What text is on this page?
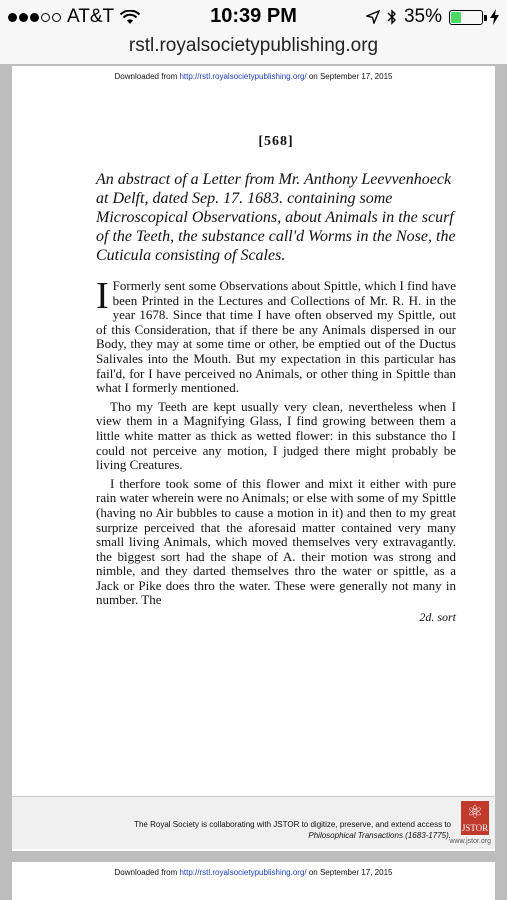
AT&T	10:39 PM	35%
rstl.royalsocietypublishing.org
Downloaded from http://rstl.royalsocietypublishing.org/ on September 17, 2015
[568]
An abstract of a Letter from Mr. Anthony Leevvenhoeck at Delft, dated Sep. 17. 1683. containing some Microscopical Observations, about Animals in the scurf of the Teeth, the substance call'd Worms in the Nose, the Cuticula consisting of Scales.

I Formerly sent some Observations about Spittle, which I find have been Printed in the Lectures and Collections of Mr. R. H. in the year 1678. Since that time I have often observed my Spittle, out of this Consideration, that if there be any Animals dispersed in our Body, they may at some time or other, be emptied out of the Ductus Salivales into the Mouth. But my expectation in this particular has fail'd, for I have perceived no Animals, or other thing in Spittle than what I formerly mentioned.

Tho my Teeth are kept usually very clean, nevertheless when I view them in a Magnifying Glass, I find growing between them a little white matter as thick as wetted flower: in this substance tho I could not perceive any motion, I judged there might probably be living Creatures.

I therfore took some of this flower and mixt it either with pure rain water wherein were no Animals; or else with some of my Spittle (having no Air bubbles to cause a motion in it) and then to my great surprize perceived that the aforesaid matter contained very many small living Animals, which moved themselves very extravagantly. the biggest sort had the shape of A. their motion was strong and nimble, and they darted themselves thro the water or spittle, as a Jack or Pike does thro the water. These were generally not many in number. The

2d. sort
The Royal Society is collaborating with JSTOR to digitize, preserve, and extend access to
Philosophical Transactions (1683-1775).
⚛
JSTOR
www.jstor.org
Downloaded from http://rstl.royalsocietypublishing.org/ on September 17, 2015
